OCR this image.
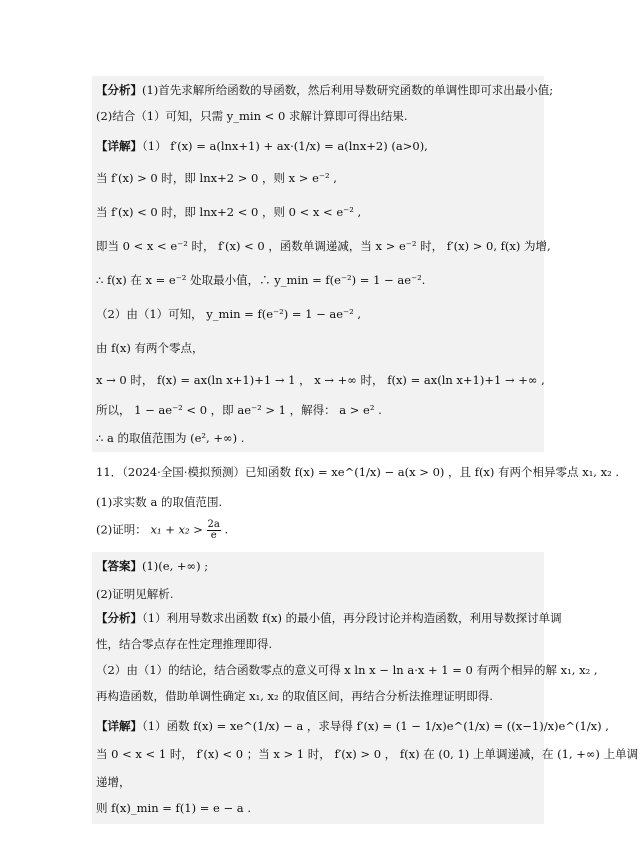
【分析】(1)首先求解所给函数的导函数，然后利用导数研究函数的单调性即可求出最小值;
(2)结合（1）可知，只需 y_min < 0 求解计算即可得出结果.
【详解】（1） f′(x) = a(lnx+1) + ax·(1/x) = a(lnx+2) (a>0),
当 f′(x) > 0 时，即 lnx+2 > 0 ，则 x > e⁻² ,
当 f′(x) < 0 时，即 lnx+2 < 0 ，则 0 < x < e⁻² ,
即当 0 < x < e⁻² 时， f′(x) < 0 ，函数单调递减，当 x > e⁻² 时， f′(x) > 0, f(x) 为增,
∴ f(x) 在 x = e⁻² 处取最小值，∴ y_min = f(e⁻²) = 1 − ae⁻².
（2）由（1）可知， y_min = f(e⁻²) = 1 − ae⁻² ,
由 f(x) 有两个零点，
x → 0 时， f(x) = ax(ln x+1)+1 → 1 ， x → +∞ 时， f(x) = ax(ln x+1)+1 → +∞ ,
所以， 1 − ae⁻² < 0 ，即 ae⁻² > 1 ，解得： a > e² .
∴ a 的取值范围为 (e², +∞) .
11．（2024·全国·模拟预测）已知函数 f(x) = xe^(1/x) − a(x > 0) ，且 f(x) 有两个相异零点 x₁, x₂ .
(1)求实数 a 的取值范围.
(2)证明： $x_1 + x_2 > \frac{2a}{e}$ .
【答案】(1)(e, +∞) ;
(2)证明见解析.
【分析】（1）利用导数求出函数 f(x) 的最小值，再分段讨论并构造函数，利用导数探讨单调
性，结合零点存在性定理推理即得.
（2）由（1）的结论，结合函数零点的意义可得 x ln x − ln a·x + 1 = 0 有两个相异的解 x₁, x₂ ,
再构造函数，借助单调性确定 x₁, x₂ 的取值区间，再结合分析法推理证明即得.
【详解】（1）函数 f(x) = xe^(1/x) − a ，求导得 f′(x) = (1 − 1/x)e^(1/x) = ((x−1)/x)e^(1/x) ,
当 0 < x < 1 时， f′(x) < 0 ；当 x > 1 时， f′(x) > 0 ， f(x) 在 (0, 1) 上单调递减，在 (1, +∞) 上单调
递增，
则 f(x)_min = f(1) = e − a .
